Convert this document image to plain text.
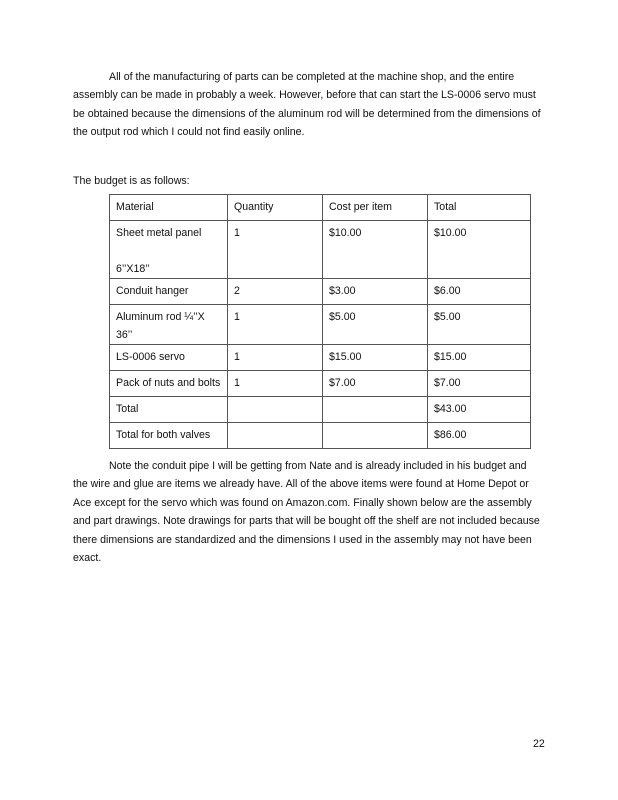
All of the manufacturing of parts can be completed at the machine shop, and the entire assembly can be made in probably a week. However, before that can start the LS-0006 servo must be obtained because the dimensions of the aluminum rod will be determined from the dimensions of the output rod which I could not find easily online.

The budget is as follows:

Material	Quantity	Cost per item	Total
Sheet metal panel

6’’X18’’	1	$10.00	$10.00
Conduit hanger	2	$3.00	$6.00
Aluminum rod ¼’’X 36’’	1	$5.00	$5.00
LS-0006 servo	1	$15.00	$15.00
Pack of nuts and bolts	1	$7.00	$7.00
Total			$43.00
Total for both valves			$86.00

Note the conduit pipe I will be getting from Nate and is already included in his budget and the wire and glue are items we already have. All of the above items were found at Home Depot or Ace except for the servo which was found on Amazon.com. Finally shown below are the assembly and part drawings. Note drawings for parts that will be bought off the shelf are not included because there dimensions are standardized and the dimensions I used in the assembly may not have been exact.

22
